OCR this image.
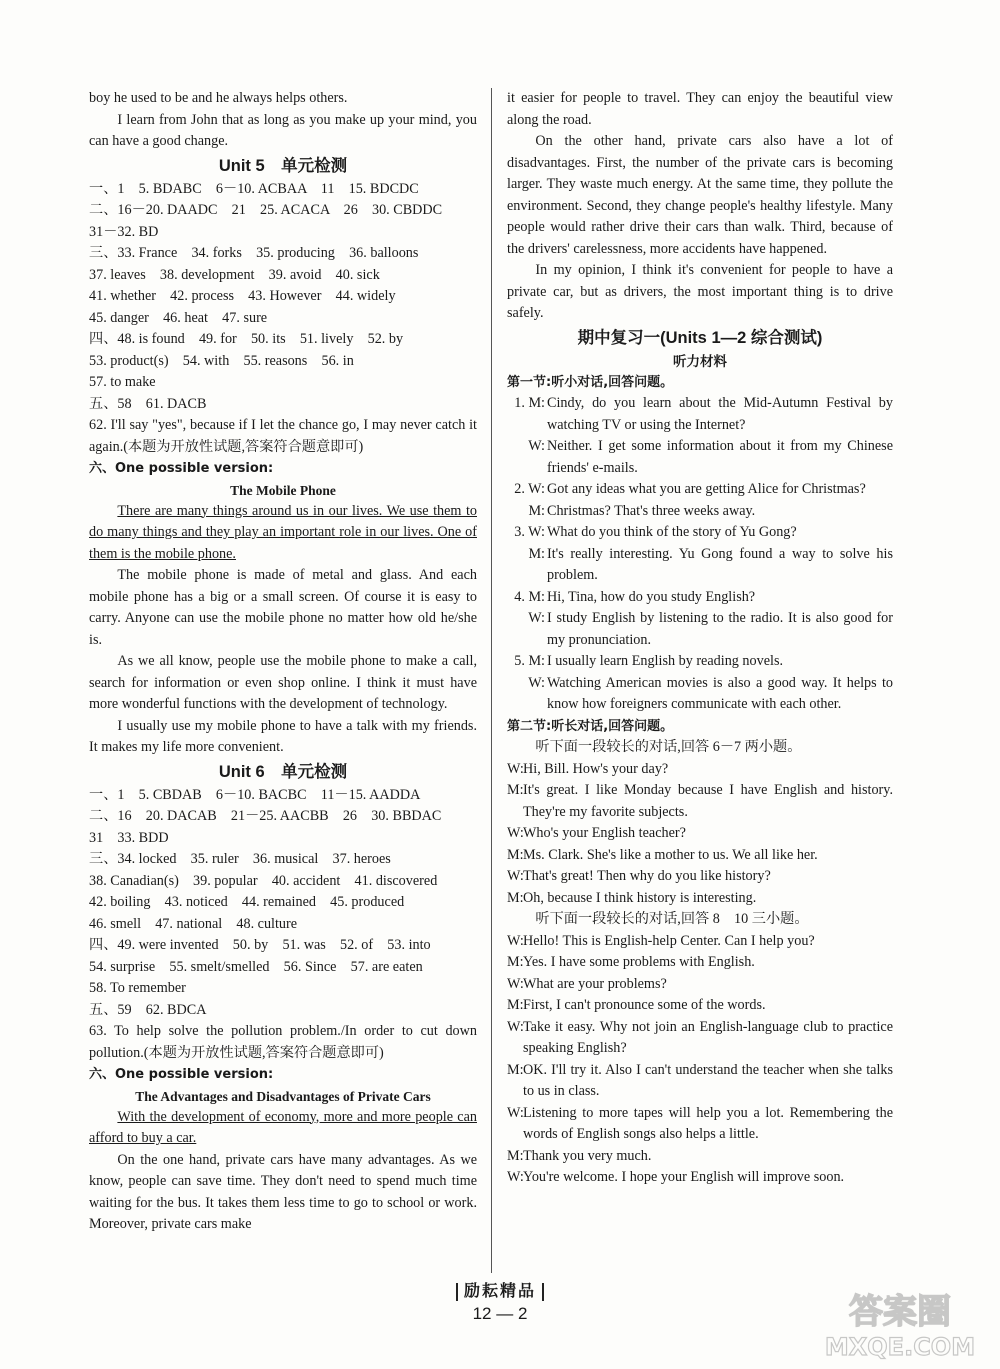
boy he used to be and he always helps others.

I learn from John that as long as you make up your mind, you can have a good change.

Unit 5　单元检测

一、1　5. BDABC　6－10. ACBAA　11　15. BDCDC

二、16－20. DAADC　21　25. ACACA　26　30. CBDDC

31－32. BD

三、33. France　34. forks　35. producing　36. balloons

37. leaves　38. development　39. avoid　40. sick

41. whether　42. process　43. However　44. widely

45. danger　46. heat　47. sure

四、48. is found　49. for　50. its　51. lively　52. by

53. product(s)　54. with　55. reasons　56. in

57. to make

五、58　61. DACB

62. I'll say "yes", because if I let the chance go, I may never catch it again.(本题为开放性试题,答案符合题意即可)

六、One possible version:

The Mobile Phone

There are many things around us in our lives. We use them to do many things and they play an important role in our lives. One of them is the mobile phone.

The mobile phone is made of metal and glass. And each mobile phone has a big or a small screen. Of course it is easy to carry. Anyone can use the mobile phone no matter how old he/she is.

As we all know, people use the mobile phone to make a call, search for information or even shop online. I think it must have more wonderful functions with the development of technology.

I usually use my mobile phone to have a talk with my friends. It makes my life more convenient.

Unit 6　单元检测

一、1　5. CBDAB　6－10. BACBC　11－15. AADDA

二、16　20. DACAB　21－25. AACBB　26　30. BBDAC

31　33. BDD

三、34. locked　35. ruler　36. musical　37. heroes

38. Canadian(s)　39. popular　40. accident　41. discovered

42. boiling　43. noticed　44. remained　45. produced

46. smell　47. national　48. culture

四、49. were invented　50. by　51. was　52. of　53. into

54. surprise　55. smelt/smelled　56. Since　57. are eaten

58. To remember

五、59　62. BDCA

63. To help solve the pollution problem./In order to cut down pollution.(本题为开放性试题,答案符合题意即可)

六、One possible version:

The Advantages and Disadvantages of Private Cars

With the development of economy, more and more people can afford to buy a car.

On the one hand, private cars have many advantages. As we know, people can save time. They don't need to spend much time waiting for the bus. It takes them less time to go to school or work. Moreover, private cars make

it easier for people to travel. They can enjoy the beautiful view along the road.

On the other hand, private cars also have a lot of disadvantages. First, the number of the private cars is becoming larger. They waste much energy. At the same time, they pollute the environment. Second, they change people's healthy lifestyle. Many people would rather drive their cars than walk. Third, because of the drivers' carelessness, more accidents have happened.

In my opinion, I think it's convenient for people to have a private car, but as drivers, the most important thing is to drive safely.

期中复习一(Units 1—2 综合测试)
听力材料

第一节:听小对话,回答问题。

1. M: Cindy, do you learn about the Mid-Autumn Festival by watching TV or using the Internet?
W: Neither. I get some information about it from my Chinese friends' e-mails.
2. W: Got any ideas what you are getting Alice for Christmas?
M: Christmas? That's three weeks away.
3. W: What do you think of the story of Yu Gong?
M: It's really interesting. Yu Gong found a way to solve his problem.
4. M: Hi, Tina, how do you study English?
W: I study English by listening to the radio. It is also good for my pronunciation.
5. M: I usually learn English by reading novels.
W: Watching American movies is also a good way. It helps to know how foreigners communicate with each other.

第二节:听长对话,回答问题。

听下面一段较长的对话,回答 6－7 两小题。

W: Hi, Bill. How's your day?
M: It's great. I like Monday because I have English and history. They're my favorite subjects.
W: Who's your English teacher?
M: Ms. Clark. She's like a mother to us. We all like her.
W: That's great! Then why do you like history?
M: Oh, because I think history is interesting.

听下面一段较长的对话,回答 8　10 三小题。

W: Hello! This is English-help Center. Can I help you?
M: Yes. I have some problems with English.
W: What are your problems?
M: First, I can't pronounce some of the words.
W: Take it easy. Why not join an English-language club to practice speaking English?
M: OK. I'll try it. Also I can't understand the teacher when she talks to us in class.
W: Listening to more tapes will help you a lot. Remembering the words of English songs also helps a little.
M: Thank you very much.
W: You're welcome. I hope your English will improve soon.
励耘精品
12 — 2	答案圈
MXQE.COM
